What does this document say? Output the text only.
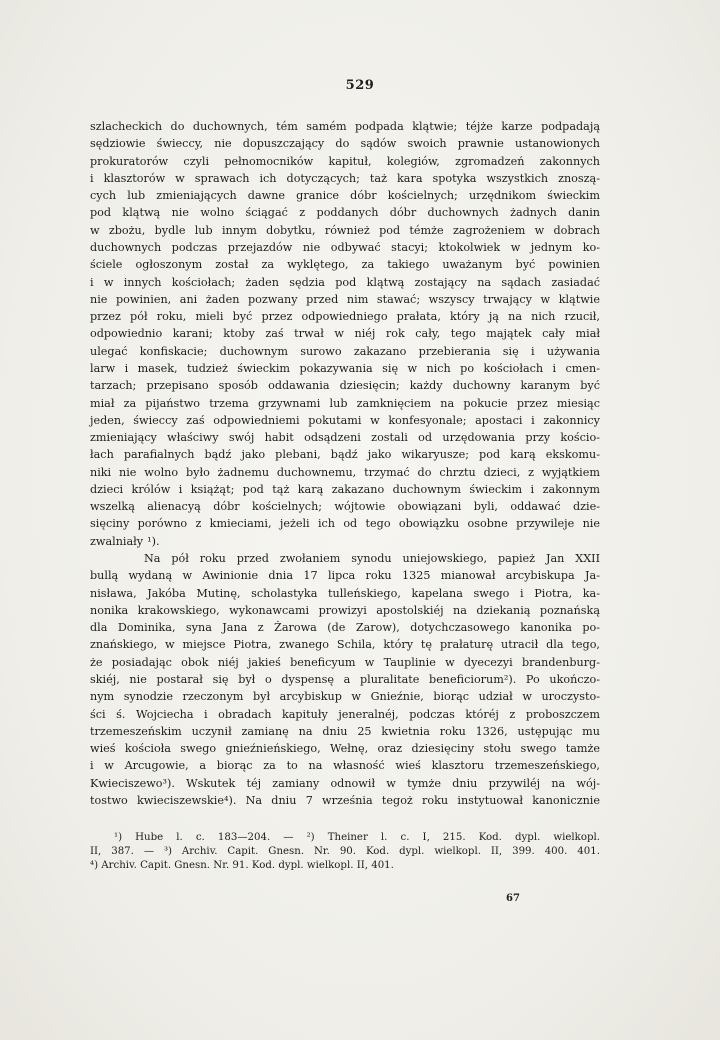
529
szlacheckich do duchownych, tém samém podpada klątwie; téjże karze podpadają
sędziowie świeccy, nie dopuszczający do sądów swoich prawnie ustanowionych
prokuratorów czyli pełnomocników kapituł, kolegiów, zgromadzeń zakonnych
i klasztorów w sprawach ich dotyczących; taż kara spotyka wszystkich znoszą-
cych lub zmieniających dawne granice dóbr kościelnych; urzędnikom świeckim
pod klątwą nie wolno ściągać z poddanych dóbr duchownych żadnych danin
w zbożu, bydle lub innym dobytku, również pod témże zagrożeniem w dobrach
duchownych podczas przejazdów nie odbywać stacyi; ktokolwiek w jednym ko-
ściele ogłoszonym został za wyklętego, za takiego uważanym być powinien
i w innych kościołach; żaden sędzia pod klątwą zostający na sądach zasiadać
nie powinien, ani żaden pozwany przed nim stawać; wszyscy trwający w klątwie
przez pół roku, mieli być przez odpowiedniego prałata, który ją na nich rzucił,
odpowiednio karani; ktoby zaś trwał w niéj rok cały, tego majątek cały miał
ulegać konfiskacie; duchownym surowo zakazano przebierania się i używania
larw i masek, tudzież świeckim pokazywania się w nich po kościołach i cmen-
tarzach; przepisano sposób oddawania dziesięcin; każdy duchowny karanym być
miał za pijaństwo trzema grzywnami lub zamknięciem na pokucie przez miesiąc
jeden, świeccy zaś odpowiedniemi pokutami w konfesyonale; apostaci i zakonnicy
zmieniający właściwy swój habit odsądzeni zostali od urzędowania przy kościo-
łach parafialnych bądź jako plebani, bądź jako wikaryusze; pod karą ekskomu-
niki nie wolno było żadnemu duchownemu, trzymać do chrztu dzieci, z wyjątkiem
dzieci królów i książąt; pod tąż karą zakazano duchownym świeckim i zakonnym
wszelką alienacyą dóbr kościelnych; wójtowie obowiązani byli, oddawać dzie-
sięciny porówno z kmieciami, jeżeli ich od tego obowiązku osobne przywileje nie
zwalniały ¹).
Na pół roku przed zwołaniem synodu uniejowskiego, papież Jan XXII
bullą wydaną w Awinionie dnia 17 lipca roku 1325 mianował arcybiskupa Ja-
nisława, Jakóba Mutinę, scholastyka tulleńskiego, kapelana swego i Piotra, ka-
nonika krakowskiego, wykonawcami prowizyi apostolskiéj na dziekanią poznańską
dla Dominika, syna Jana z Żarowa (de Zarow), dotychczasowego kanonika po-
znańskiego, w miejsce Piotra, zwanego Schila, który tę prałaturę utracił dla tego,
że posiadając obok niéj jakieś beneficyum w Tauplinie w dyecezyi brandenburg-
skiéj, nie postarał się był o dyspensę a pluralitate beneficiorum²). Po ukończo-
nym synodzie rzeczonym był arcybiskup w Gnieźnie, biorąc udział w uroczysto-
ści ś. Wojciecha i obradach kapituły jeneralnéj, podczas któréj z proboszczem
trzemeszeńskim uczynił zamianę na dniu 25 kwietnia roku 1326, ustępując mu
wieś kościoła swego gnieźnieńskiego, Wełnę, oraz dziesięciny stołu swego tamże
i w Arcugowie, a biorąc za to na własność wieś klasztoru trzemeszeńskiego,
Kwieciszewo³). Wskutek téj zamiany odnowił w tymże dniu przywiléj na wój-
tostwo kwieciszewskie⁴). Na dniu 7 września tegoż roku instytuował kanonicznie
¹) Hube l. c. 183—204. — ²) Theiner l. c. I, 215. Kod. dypl. wielkopl.
II, 387. — ³) Archiv. Capit. Gnesn. Nr. 90. Kod. dypl. wielkopl. II, 399. 400. 401.
⁴) Archiv. Capit. Gnesn. Nr. 91. Kod. dypl. wielkopl. II, 401.
67
